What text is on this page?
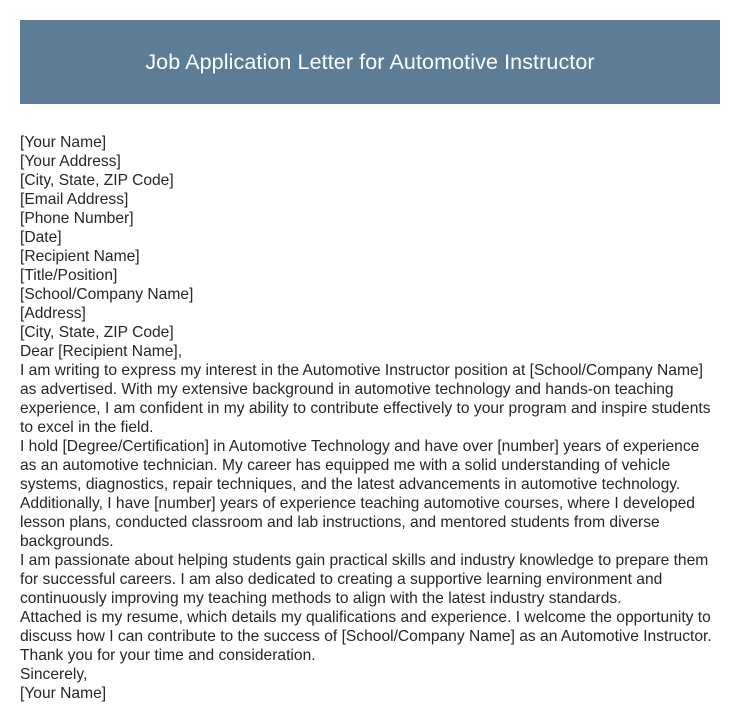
Job Application Letter for Automotive Instructor
[Your Name]
[Your Address]
[City, State, ZIP Code]
[Email Address]
[Phone Number]
[Date]
[Recipient Name]
[Title/Position]
[School/Company Name]
[Address]
[City, State, ZIP Code]
Dear [Recipient Name],
I am writing to express my interest in the Automotive Instructor position at [School/Company Name] as advertised. With my extensive background in automotive technology and hands-on teaching experience, I am confident in my ability to contribute effectively to your program and inspire students to excel in the field.
I hold [Degree/Certification] in Automotive Technology and have over [number] years of experience as an automotive technician. My career has equipped me with a solid understanding of vehicle systems, diagnostics, repair techniques, and the latest advancements in automotive technology. Additionally, I have [number] years of experience teaching automotive courses, where I developed lesson plans, conducted classroom and lab instructions, and mentored students from diverse backgrounds.
I am passionate about helping students gain practical skills and industry knowledge to prepare them for successful careers. I am also dedicated to creating a supportive learning environment and continuously improving my teaching methods to align with the latest industry standards.
Attached is my resume, which details my qualifications and experience. I welcome the opportunity to discuss how I can contribute to the success of [School/Company Name] as an Automotive Instructor. Thank you for your time and consideration.
Sincerely,
[Your Name]
